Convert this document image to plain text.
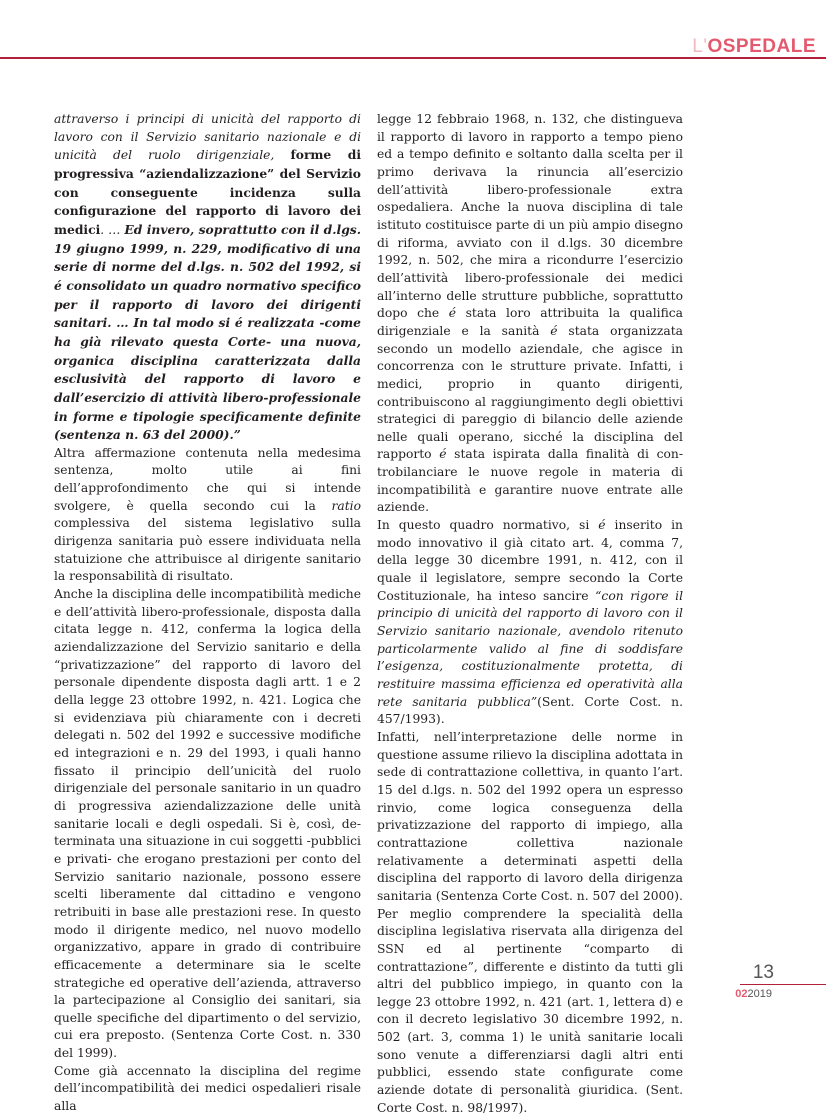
L'OSPEDALE

attraverso i principi di unicità del rapporto di lavoro con il Servizio sanitario nazionale e di unicità del ruolo dirigenziale, forme di progressiva “aziendalizzazione” del Servizio con conseguente incidenza sulla configurazione del rapporto di lavoro dei medici. … Ed invero, soprattutto con il d.lgs. 19 giugno 1999, n. 229, modificativo di una serie di norme del d.lgs. n. 502 del 1992, si é consolidato un quadro normativo specifico per il rapporto di lavoro dei dirigenti sanitari. … In tal modo si é realizzata -come ha già rilevato questa Corte- una nuova, organica disciplina caratterizzata dalla esclusività del rapporto di lavoro e dall’esercizio di attività libero-professionale in forme e tipologie specificamente definite (sentenza n. 63 del 2000).”

Altra affermazione contenuta nella medesima sentenza, molto utile ai fini dell’approfondimento che qui si intende svolgere, è quella secondo cui la ratio complessiva del sistema legislativo sulla dirigenza sanitaria può essere individuata nella statuizione che attribuisce al dirigente sanitario la responsabilità di risultato.

Anche la disciplina delle incompatibilità mediche e dell’attività libero-professionale, disposta dalla citata legge n. 412, conferma la logica della aziendalizzazione del Servizio sanitario e della “privatizzazione” del rapporto di lavoro del personale dipendente disposta dagli artt. 1 e 2 della legge 23 ottobre 1992, n. 421. Logica che si evidenziava più chiaramente con i decreti delegati n. 502 del 1992 e successive modifiche ed integrazioni e n. 29 del 1993, i quali hanno fissato il principio dell’unicità del ruolo dirigenziale del personale sanitario in un quadro di progressiva aziendalizzazione delle unità sanitarie locali e degli ospedali. Si è, così, determinata una situazione in cui soggetti -pubblici e privati- che erogano prestazioni per conto del Servizio sanitario nazionale, possono essere scelti liberamente dal cittadino e vengono retribuiti in base alle prestazioni rese. In questo modo il dirigente medico, nel nuovo modello organizzativo, appare in grado di contribuire efficacemente a determinare sia le scelte strategiche ed operative dell’azienda, attraverso la partecipazione al Consiglio dei sanitari, sia quelle specifiche del dipartimento o del servizio, cui era preposto. (Sentenza Corte Cost. n. 330 del 1999).

Come già accennato la disciplina del regime dell’incompatibilità dei medici ospedalieri risale alla

legge 12 febbraio 1968, n. 132, che distingueva il rapporto di lavoro in rapporto a tempo pieno ed a tempo definito e soltanto dalla scelta per il primo derivava la rinuncia all’esercizio dell’attività libero-professionale extra ospedaliera. Anche la nuova disciplina di tale istituto costituisce parte di un più ampio disegno di riforma, avviato con il d.lgs. 30 dicembre 1992, n. 502, che mira a ricondurre l’esercizio dell’attività libero-professionale dei medici all’interno delle strutture pubbliche, soprattutto dopo che é stata loro attribuita la qualifica dirigenziale e la sanità é stata organizzata secondo un modello aziendale, che agisce in concorrenza con le strutture private. Infatti, i medici, proprio in quanto dirigenti, contribuiscono al raggiungimento degli obiettivi strategici di pareggio di bilancio delle aziende nelle quali operano, sicché la disciplina del rapporto é stata ispirata dalla finalità di controbilanciare le nuove regole in materia di incompatibilità e garantire nuove entrate alle aziende.

In questo quadro normativo, si é inserito in modo innovativo il già citato art. 4, comma 7, della legge 30 dicembre 1991, n. 412, con il quale il legislatore, sempre secondo la Corte Costituzionale, ha inteso sancire “con rigore il principio di unicità del rapporto di lavoro con il Servizio sanitario nazionale, avendolo ritenuto particolarmente valido al fine di soddisfare l’esigenza, costituzionalmente protetta, di restituire massima efficienza ed operatività alla rete sanitaria pubblica”(Sent. Corte Cost. n. 457/1993).

Infatti, nell’interpretazione delle norme in questione assume rilievo la disciplina adottata in sede di contrattazione collettiva, in quanto l’art. 15 del d.lgs. n. 502 del 1992 opera un espresso rinvio, come logica conseguenza della privatizzazione del rapporto di impiego, alla contrattazione collettiva nazionale relativamente a determinati aspetti della disciplina del rapporto di lavoro della dirigenza sanitaria (Sentenza Corte Cost. n. 507 del 2000).

Per meglio comprendere la specialità della disciplina legislativa riservata alla dirigenza del SSN ed al pertinente “comparto di contrattazione”, differente e distinto da tutti gli altri del pubblico impiego, in quanto con la legge 23 ottobre 1992, n. 421 (art. 1, lettera d) e con il decreto legislativo 30 dicembre 1992, n. 502 (art. 3, comma 1) le unità sanitarie locali sono venute a differenziarsi dagli altri enti pubblici, essendo state configurate come aziende dotate di personalità giuridica. (Sent. Corte Cost. n. 98/1997).

13
022019
